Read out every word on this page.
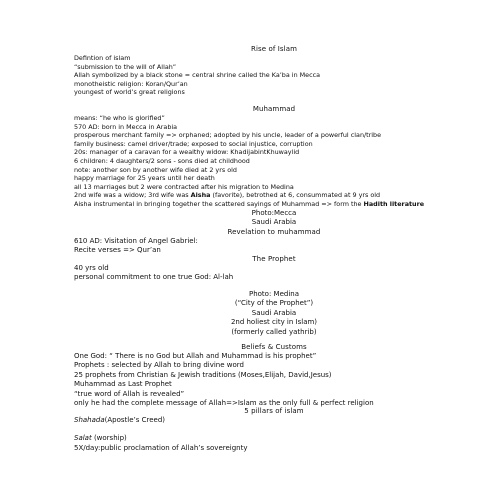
Rise of Islam
Defintion of islam
“submission to the will of Allah”
Allah symbolized by a black stone = central shrine called the Ka’ba in Mecca
monotheistic religion: Koran/Qur’an
youngest of world’s great religions
Muhammad
means: “he who is glorified”
570 AD: born in Mecca in Arabia
prosperous merchant family => orphaned; adopted by his uncle, leader of a powerful clan/tribe
family business: camel driver/trade; exposed to social injustice, corruption
20s: manager of a caravan for a wealthy widow: KhadijabintKhuwaylid
6 children: 4 daughters/2 sons - sons died at childhood
note: another son by another wife died at 2 yrs old
happy marriage for 25 years until her death
all 13 marriages but 2 were contracted after his migration to Medina
2nd wife was a widow; 3rd wife was Aisha (favorite), betrothed at 6, consummated at 9 yrs old
Aisha instrumental in bringing together the scattered sayings of Muhammad => form the Hadith literature
Photo:Mecca
Saudi Arabia
Revelation to muhammad
610 AD: Visitation of Angel Gabriel:
Recite verses => Qur’an
The Prophet
40 yrs old
personal commitment to one true God: Al-lah
Photo: Medina
(“City of the Prophet”)
Saudi Arabia
2nd holiest city in Islam)
(formerly called yathrib)
Beliefs & Customs
One God: “ There is no God but Allah and Muhammad is his prophet”
Prophets : selected by Allah to bring divine word
25 prophets from Christian & Jewish traditions (Moses,Elijah, David,Jesus)
Muhammad as Last Prophet
“true word of Allah is revealed”
only he had the complete message of Allah=>Islam as the only full & perfect religion
5 pillars of islam
Shahada(Apostle’s Creed)
Salat (worship)
5X/day:public proclamation of Allah’s sovereignty
